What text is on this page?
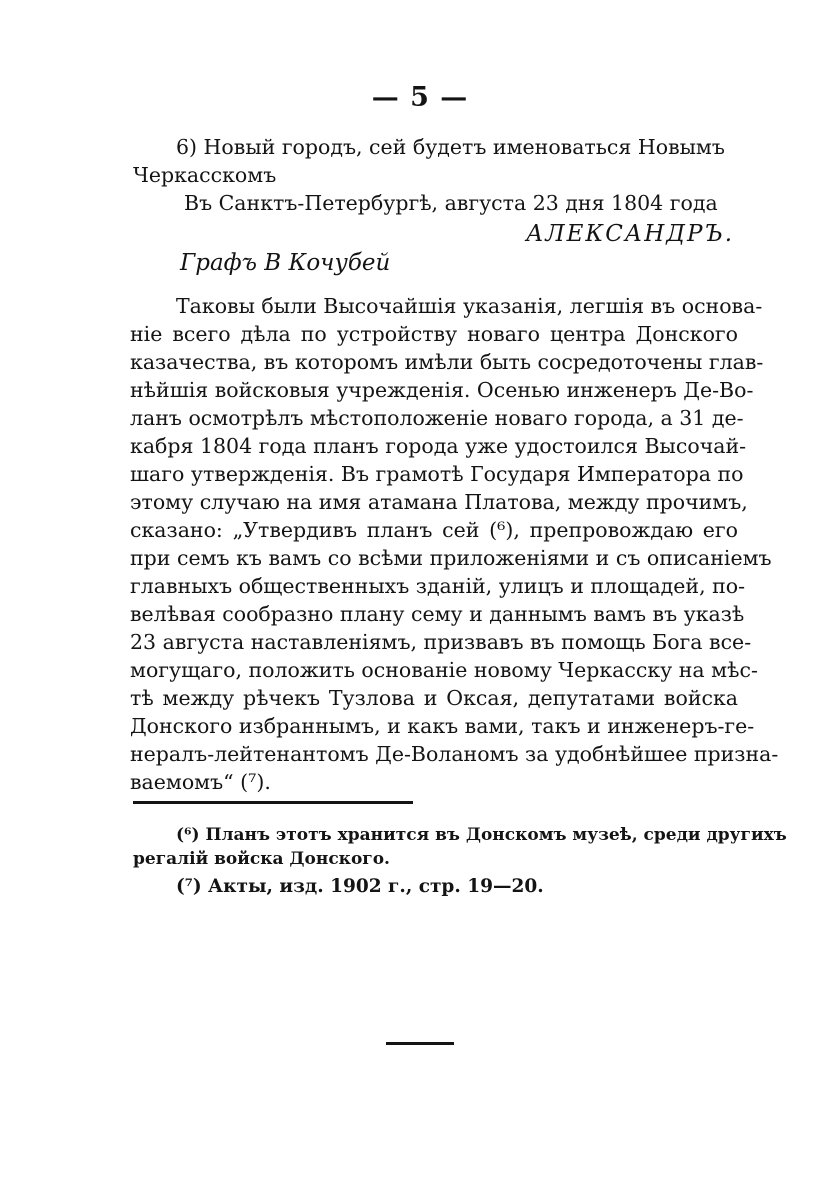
— 5 —
6) Новый городъ, сей будетъ именоваться Новымъ
Черкасскомъ
Въ Санктъ-Петербургѣ, августа 23 дня 1804 года
АЛЕКСАНДРЪ.
Графъ В Кочубей
Таковы были Высочайшія указанія, легшія въ основа-
ніе всего дѣла по устройству новаго центра Донского
казачества, въ которомъ имѣли быть сосредоточены глав-
нѣйшія войсковыя учрежденія. Осенью инженеръ Де-Во-
ланъ осмотрѣлъ мѣстоположеніе новаго города, а 31 де-
кабря 1804 года планъ города уже удостоился Высочай-
шаго утвержденія. Въ грамотѣ Государя Императора по
этому случаю на имя атамана Платова, между прочимъ,
сказано: „Утвердивъ планъ сей (⁶), препровождаю его
при семъ къ вамъ со всѣми приложеніями и съ описаніемъ
главныхъ общественныхъ зданій, улицъ и площадей, по-
велѣвая сообразно плану сему и даннымъ вамъ въ указѣ
23 августа наставленіямъ, призвавъ въ помощь Бога все-
могущаго, положить основаніе новому Черкасску на мѣс-
тѣ между рѣчекъ Тузлова и Оксая, депутатами войска
Донского избраннымъ, и какъ вами, такъ и инженеръ-ге-
нералъ-лейтенантомъ Де-Воланомъ за удобнѣйшее призна-
ваемомъ“ (⁷).
(⁶) Планъ этотъ хранится въ Донскомъ музеѣ, среди другихъ
регалій войска Донского.
(⁷) Акты, изд. 1902 г., стр. 19—20.
